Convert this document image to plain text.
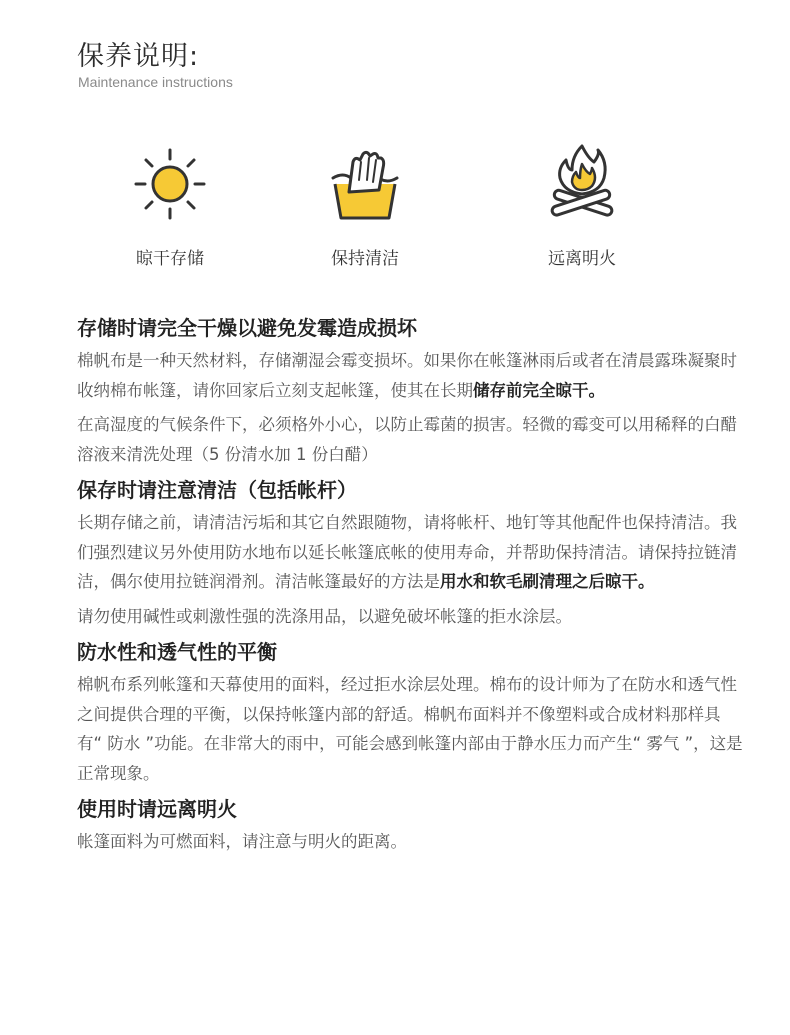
保养说明:
Maintenance instructions
晾干存储	保持清洁	远离明火
存储时请完全干燥以避免发霉造成损坏

棉帆布是一种天然材料，存储潮湿会霉变损坏。如果你在帐篷淋雨后或者在清晨露珠凝聚时收纳棉布帐篷，请你回家后立刻支起帐篷，使其在长期储存前完全晾干。

在高湿度的气候条件下，必须格外小心，以防止霉菌的损害。轻微的霉变可以用稀释的白醋溶液来清洗处理（5 份清水加 1 份白醋）

保存时请注意清洁（包括帐杆）

长期存储之前，请清洁污垢和其它自然跟随物，请将帐杆、地钉等其他配件也保持清洁。我们强烈建议另外使用防水地布以延长帐篷底帐的使用寿命，并帮助保持清洁。请保持拉链清洁，偶尔使用拉链润滑剂。清洁帐篷最好的方法是用水和软毛刷清理之后晾干。

请勿使用碱性或刺激性强的洗涤用品，以避免破坏帐篷的拒水涂层。

防水性和透气性的平衡

棉帆布系列帐篷和天幕使用的面料，经过拒水涂层处理。棉布的设计师为了在防水和透气性之间提供合理的平衡，以保持帐篷内部的舒适。棉帆布面料并不像塑料或合成材料那样具有“ 防水 ”功能。在非常大的雨中，可能会感到帐篷内部由于静水压力而产生“ 雾气 ”，这是正常现象。

使用时请远离明火

帐篷面料为可燃面料，请注意与明火的距离。
